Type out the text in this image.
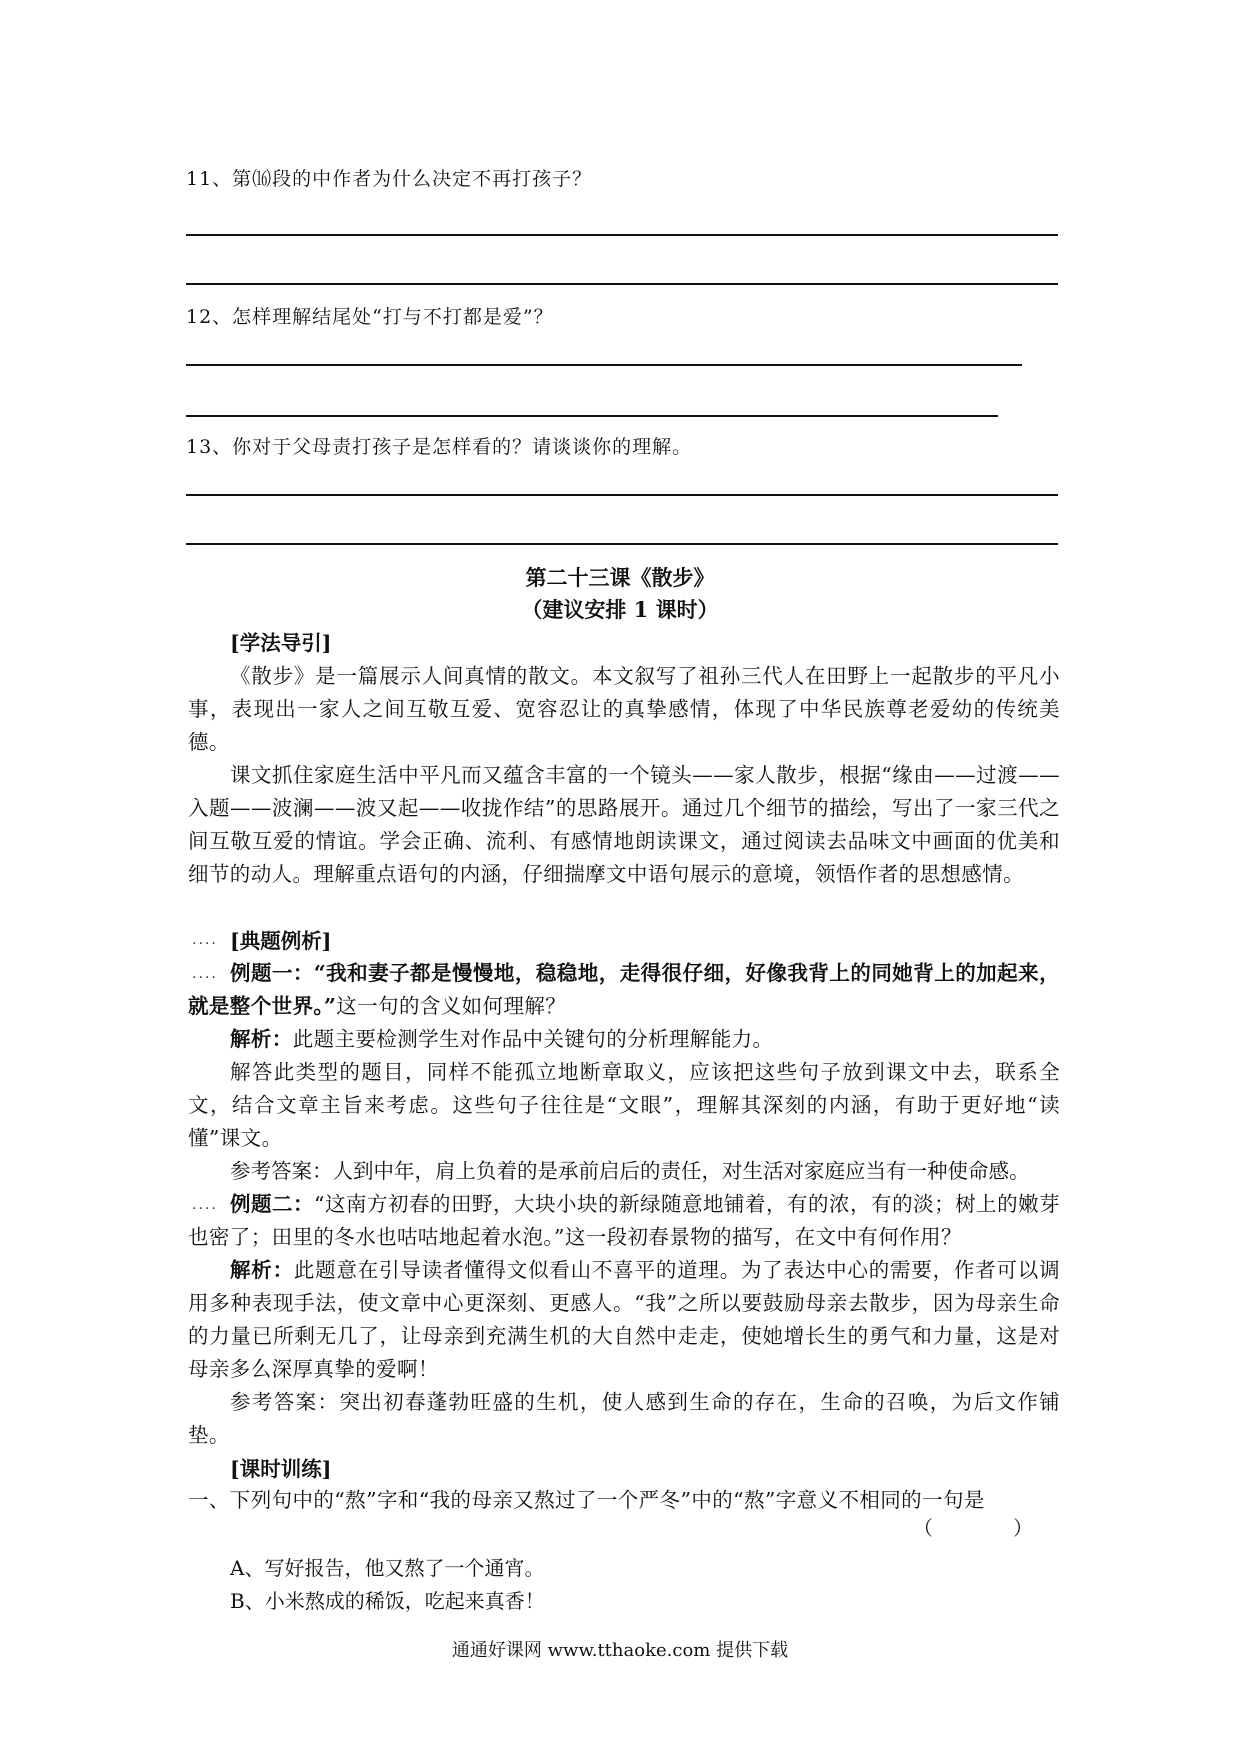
11、第⒃段的中作者为什么决定不再打孩子？
12、怎样理解结尾处“打与不打都是爱”？
13、你对于父母责打孩子是怎样看的？请谈谈你的理解。
第二十三课《散步》
（建议安排 1 课时）
[学法导引]
《散步》是一篇展示人间真情的散文。本文叙写了祖孙三代人在田野上一起散步的平凡小事，表现出一家人之间互敬互爱、宽容忍让的真挚感情，体现了中华民族尊老爱幼的传统美德。
课文抓住家庭生活中平凡而又蕴含丰富的一个镜头——家人散步，根据“缘由——过渡——入题——波澜——波又起——收拢作结”的思路展开。通过几个细节的描绘，写出了一家三代之间互敬互爱的情谊。学会正确、流利、有感情地朗读课文，通过阅读去品味文中画面的优美和细节的动人。理解重点语句的内涵，仔细揣摩文中语句展示的意境，领悟作者的思想感情。
.... [典题例析]
.... 例题一：“我和妻子都是慢慢地，稳稳地，走得很仔细，好像我背上的同她背上的加起来，就是整个世界。”这一句的含义如何理解？
解析：此题主要检测学生对作品中关键句的分析理解能力。
解答此类型的题目，同样不能孤立地断章取义，应该把这些句子放到课文中去，联系全文，结合文章主旨来考虑。这些句子往往是“文眼”，理解其深刻的内涵，有助于更好地“读懂”课文。
参考答案：人到中年，肩上负着的是承前启后的责任，对生活对家庭应当有一种使命感。
.... 例题二：“这南方初春的田野，大块小块的新绿随意地铺着，有的浓，有的淡；树上的嫩芽也密了；田里的冬水也咕咕地起着水泡。”这一段初春景物的描写，在文中有何作用？
解析：此题意在引导读者懂得文似看山不喜平的道理。为了表达中心的需要，作者可以调用多种表现手法，使文章中心更深刻、更感人。“我”之所以要鼓励母亲去散步，因为母亲生命的力量已所剩无几了，让母亲到充满生机的大自然中走走，使她增长生的勇气和力量，这是对母亲多么深厚真挚的爱啊！
参考答案：突出初春蓬勃旺盛的生机，使人感到生命的存在，生命的召唤，为后文作铺垫。
[课时训练]
一、下列句中的“熬”字和“我的母亲又熬过了一个严冬”中的“熬”字意义不相同的一句是
（　　　　）
A、写好报告，他又熬了一个通宵。
B、小米熬成的稀饭，吃起来真香！
通通好课网 www.tthaoke.com 提供下载
